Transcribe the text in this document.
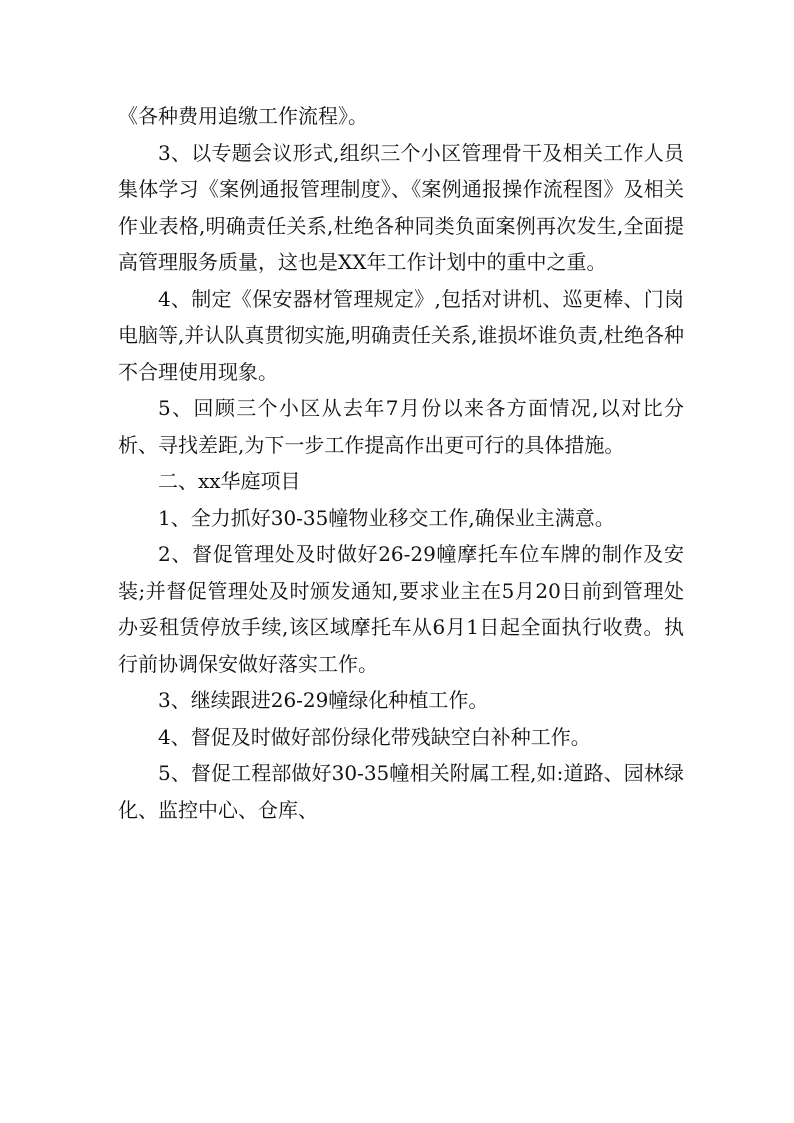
《各种费用追缴工作流程》。

3、以专题会议形式,组织三个小区管理骨干及相关工作人员集体学习《案例通报管理制度》、《案例通报操作流程图》及相关作业表格,明确责任关系,杜绝各种同类负面案例再次发生,全面提高管理服务质量，这也是XX年工作计划中的重中之重。

4、制定《保安器材管理规定》,包括对讲机、巡更棒、门岗电脑等,并认队真贯彻实施,明确责任关系,谁损坏谁负责,杜绝各种不合理使用现象。

5、回顾三个小区从去年7月份以来各方面情况,以对比分析、寻找差距,为下一步工作提高作出更可行的具体措施。

二、xx华庭项目

1、全力抓好30-35幢物业移交工作,确保业主满意。

2、督促管理处及时做好26-29幢摩托车位车牌的制作及安装;并督促管理处及时颁发通知,要求业主在5月20日前到管理处办妥租赁停放手续,该区域摩托车从6月1日起全面执行收费。执行前协调保安做好落实工作。

3、继续跟进26-29幢绿化种植工作。

4、督促及时做好部份绿化带残缺空白补种工作。

5、督促工程部做好30-35幢相关附属工程,如:道路、园林绿化、监控中心、仓库、
